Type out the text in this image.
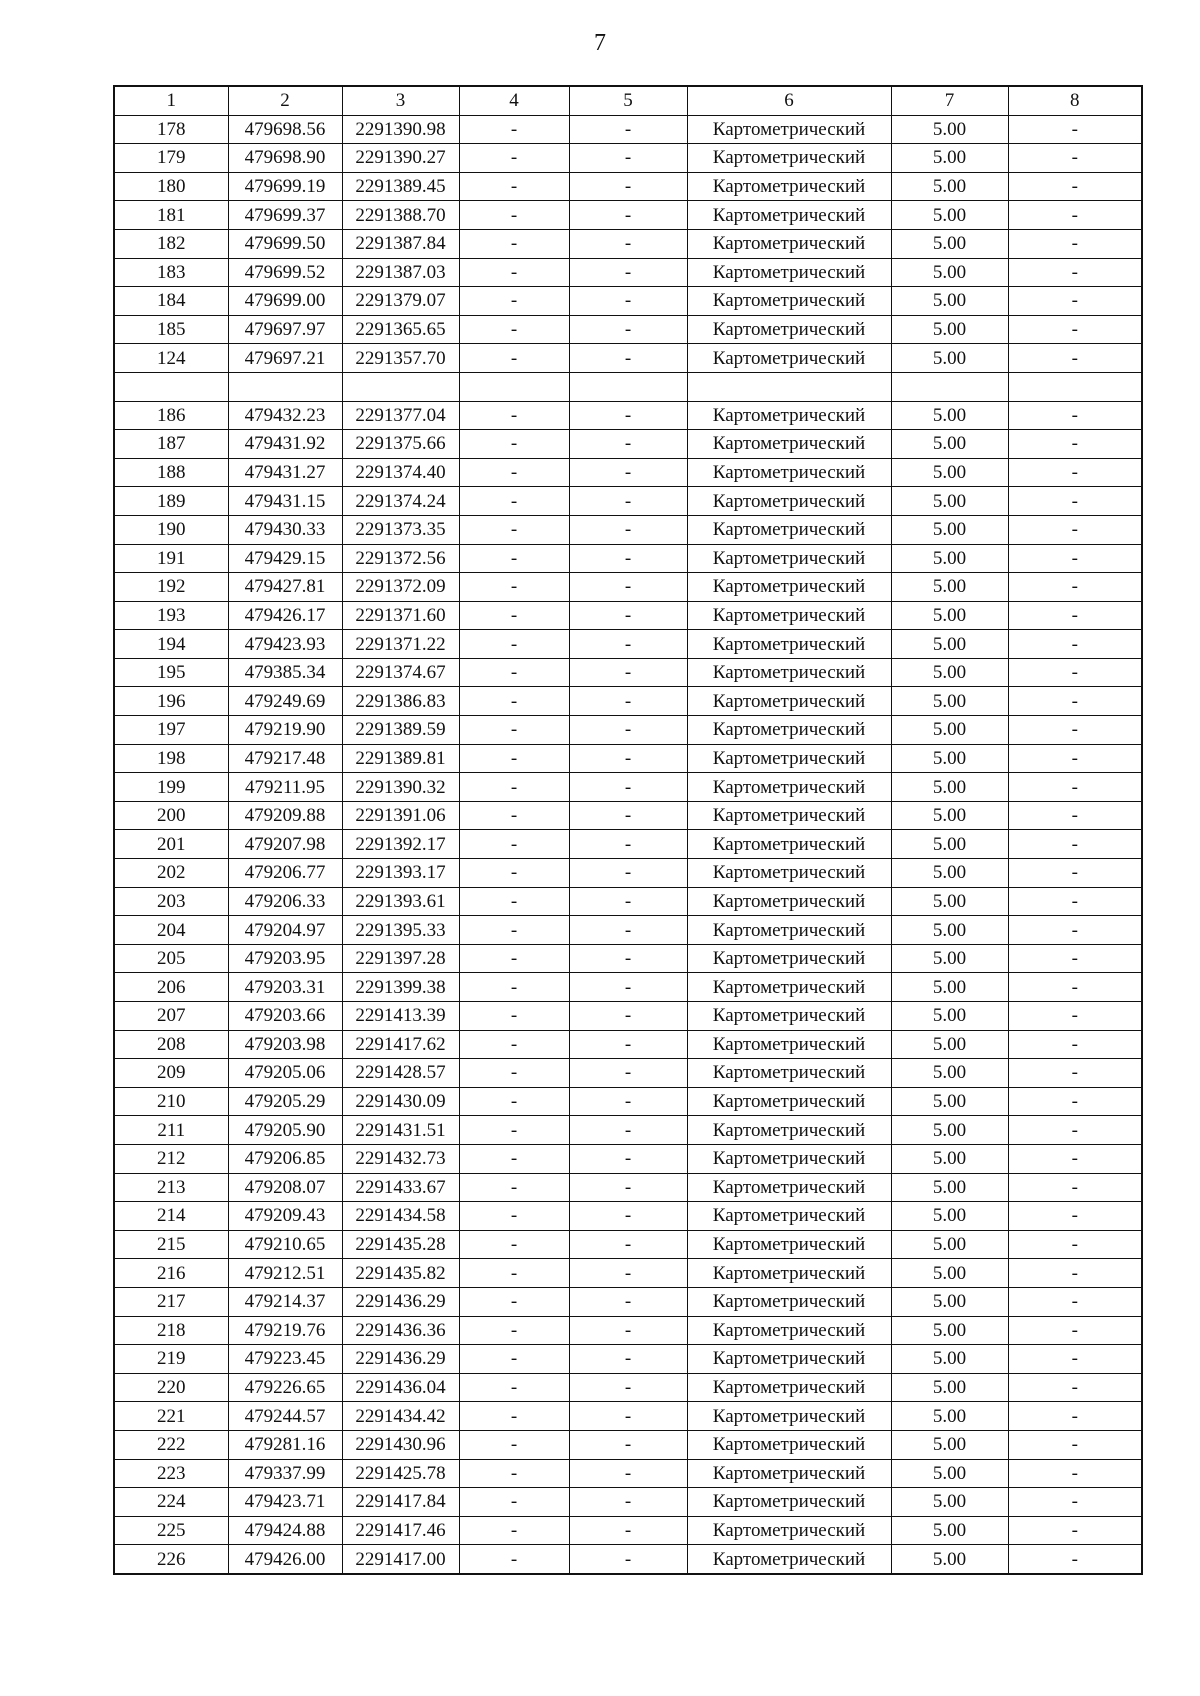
7
1	2	3	4	5	6	7	8
178	479698.56	2291390.98	-	-	Картометрический	5.00	-
179	479698.90	2291390.27	-	-	Картометрический	5.00	-
180	479699.19	2291389.45	-	-	Картометрический	5.00	-
181	479699.37	2291388.70	-	-	Картометрический	5.00	-
182	479699.50	2291387.84	-	-	Картометрический	5.00	-
183	479699.52	2291387.03	-	-	Картометрический	5.00	-
184	479699.00	2291379.07	-	-	Картометрический	5.00	-
185	479697.97	2291365.65	-	-	Картометрический	5.00	-
124	479697.21	2291357.70	-	-	Картометрический	5.00	-

186	479432.23	2291377.04	-	-	Картометрический	5.00	-
187	479431.92	2291375.66	-	-	Картометрический	5.00	-
188	479431.27	2291374.40	-	-	Картометрический	5.00	-
189	479431.15	2291374.24	-	-	Картометрический	5.00	-
190	479430.33	2291373.35	-	-	Картометрический	5.00	-
191	479429.15	2291372.56	-	-	Картометрический	5.00	-
192	479427.81	2291372.09	-	-	Картометрический	5.00	-
193	479426.17	2291371.60	-	-	Картометрический	5.00	-
194	479423.93	2291371.22	-	-	Картометрический	5.00	-
195	479385.34	2291374.67	-	-	Картометрический	5.00	-
196	479249.69	2291386.83	-	-	Картометрический	5.00	-
197	479219.90	2291389.59	-	-	Картометрический	5.00	-
198	479217.48	2291389.81	-	-	Картометрический	5.00	-
199	479211.95	2291390.32	-	-	Картометрический	5.00	-
200	479209.88	2291391.06	-	-	Картометрический	5.00	-
201	479207.98	2291392.17	-	-	Картометрический	5.00	-
202	479206.77	2291393.17	-	-	Картометрический	5.00	-
203	479206.33	2291393.61	-	-	Картометрический	5.00	-
204	479204.97	2291395.33	-	-	Картометрический	5.00	-
205	479203.95	2291397.28	-	-	Картометрический	5.00	-
206	479203.31	2291399.38	-	-	Картометрический	5.00	-
207	479203.66	2291413.39	-	-	Картометрический	5.00	-
208	479203.98	2291417.62	-	-	Картометрический	5.00	-
209	479205.06	2291428.57	-	-	Картометрический	5.00	-
210	479205.29	2291430.09	-	-	Картометрический	5.00	-
211	479205.90	2291431.51	-	-	Картометрический	5.00	-
212	479206.85	2291432.73	-	-	Картометрический	5.00	-
213	479208.07	2291433.67	-	-	Картометрический	5.00	-
214	479209.43	2291434.58	-	-	Картометрический	5.00	-
215	479210.65	2291435.28	-	-	Картометрический	5.00	-
216	479212.51	2291435.82	-	-	Картометрический	5.00	-
217	479214.37	2291436.29	-	-	Картометрический	5.00	-
218	479219.76	2291436.36	-	-	Картометрический	5.00	-
219	479223.45	2291436.29	-	-	Картометрический	5.00	-
220	479226.65	2291436.04	-	-	Картометрический	5.00	-
221	479244.57	2291434.42	-	-	Картометрический	5.00	-
222	479281.16	2291430.96	-	-	Картометрический	5.00	-
223	479337.99	2291425.78	-	-	Картометрический	5.00	-
224	479423.71	2291417.84	-	-	Картометрический	5.00	-
225	479424.88	2291417.46	-	-	Картометрический	5.00	-
226	479426.00	2291417.00	-	-	Картометрический	5.00	-
